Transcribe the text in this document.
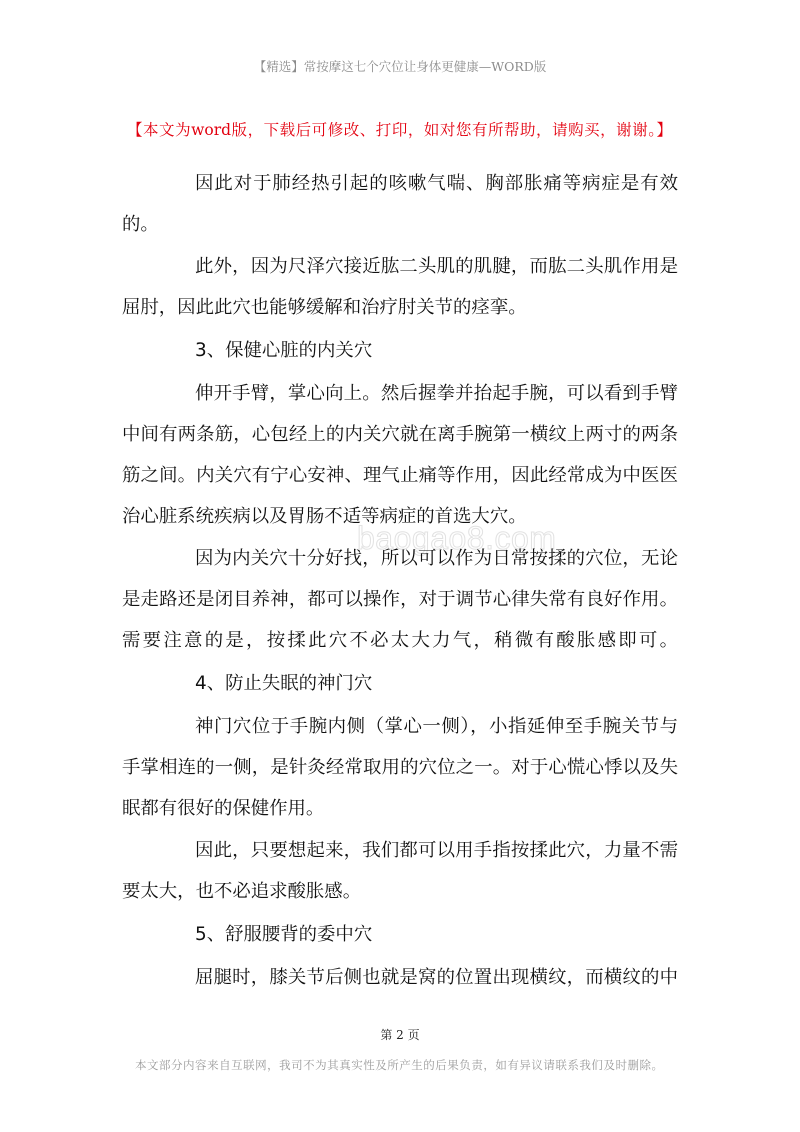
【精选】常按摩这七个穴位让身体更健康—WORD版
【本文为word版，下载后可修改、打印，如对您有所帮助，请购买，谢谢。】
baogao8.com
因此对于肺经热引起的咳嗽气喘、胸部胀痛等病症是有效
的。
此外，因为尺泽穴接近肱二头肌的肌腱，而肱二头肌作用是
屈肘，因此此穴也能够缓解和治疗肘关节的痉挛。
3、保健心脏的内关穴
伸开手臂，掌心向上。然后握拳并抬起手腕，可以看到手臂
中间有两条筋，心包经上的内关穴就在离手腕第一横纹上两寸的两条
筋之间。内关穴有宁心安神、理气止痛等作用，因此经常成为中医医
治心脏系统疾病以及胃肠不适等病症的首选大穴。
因为内关穴十分好找，所以可以作为日常按揉的穴位，无论
是走路还是闭目养神，都可以操作，对于调节心律失常有良好作用。
需要注意的是，按揉此穴不必太大力气，稍微有酸胀感即可。
4、防止失眠的神门穴
神门穴位于手腕内侧（掌心一侧），小指延伸至手腕关节与
手掌相连的一侧，是针灸经常取用的穴位之一。对于心慌心悸以及失
眠都有很好的保健作用。
因此，只要想起来，我们都可以用手指按揉此穴，力量不需
要太大，也不必追求酸胀感。
5、舒服腰背的委中穴
屈腿时，膝关节后侧也就是窝的位置出现横纹，而横纹的中
第 2 页
本文部分内容来自互联网，我司不为其真实性及所产生的后果负责，如有异议请联系我们及时删除。
